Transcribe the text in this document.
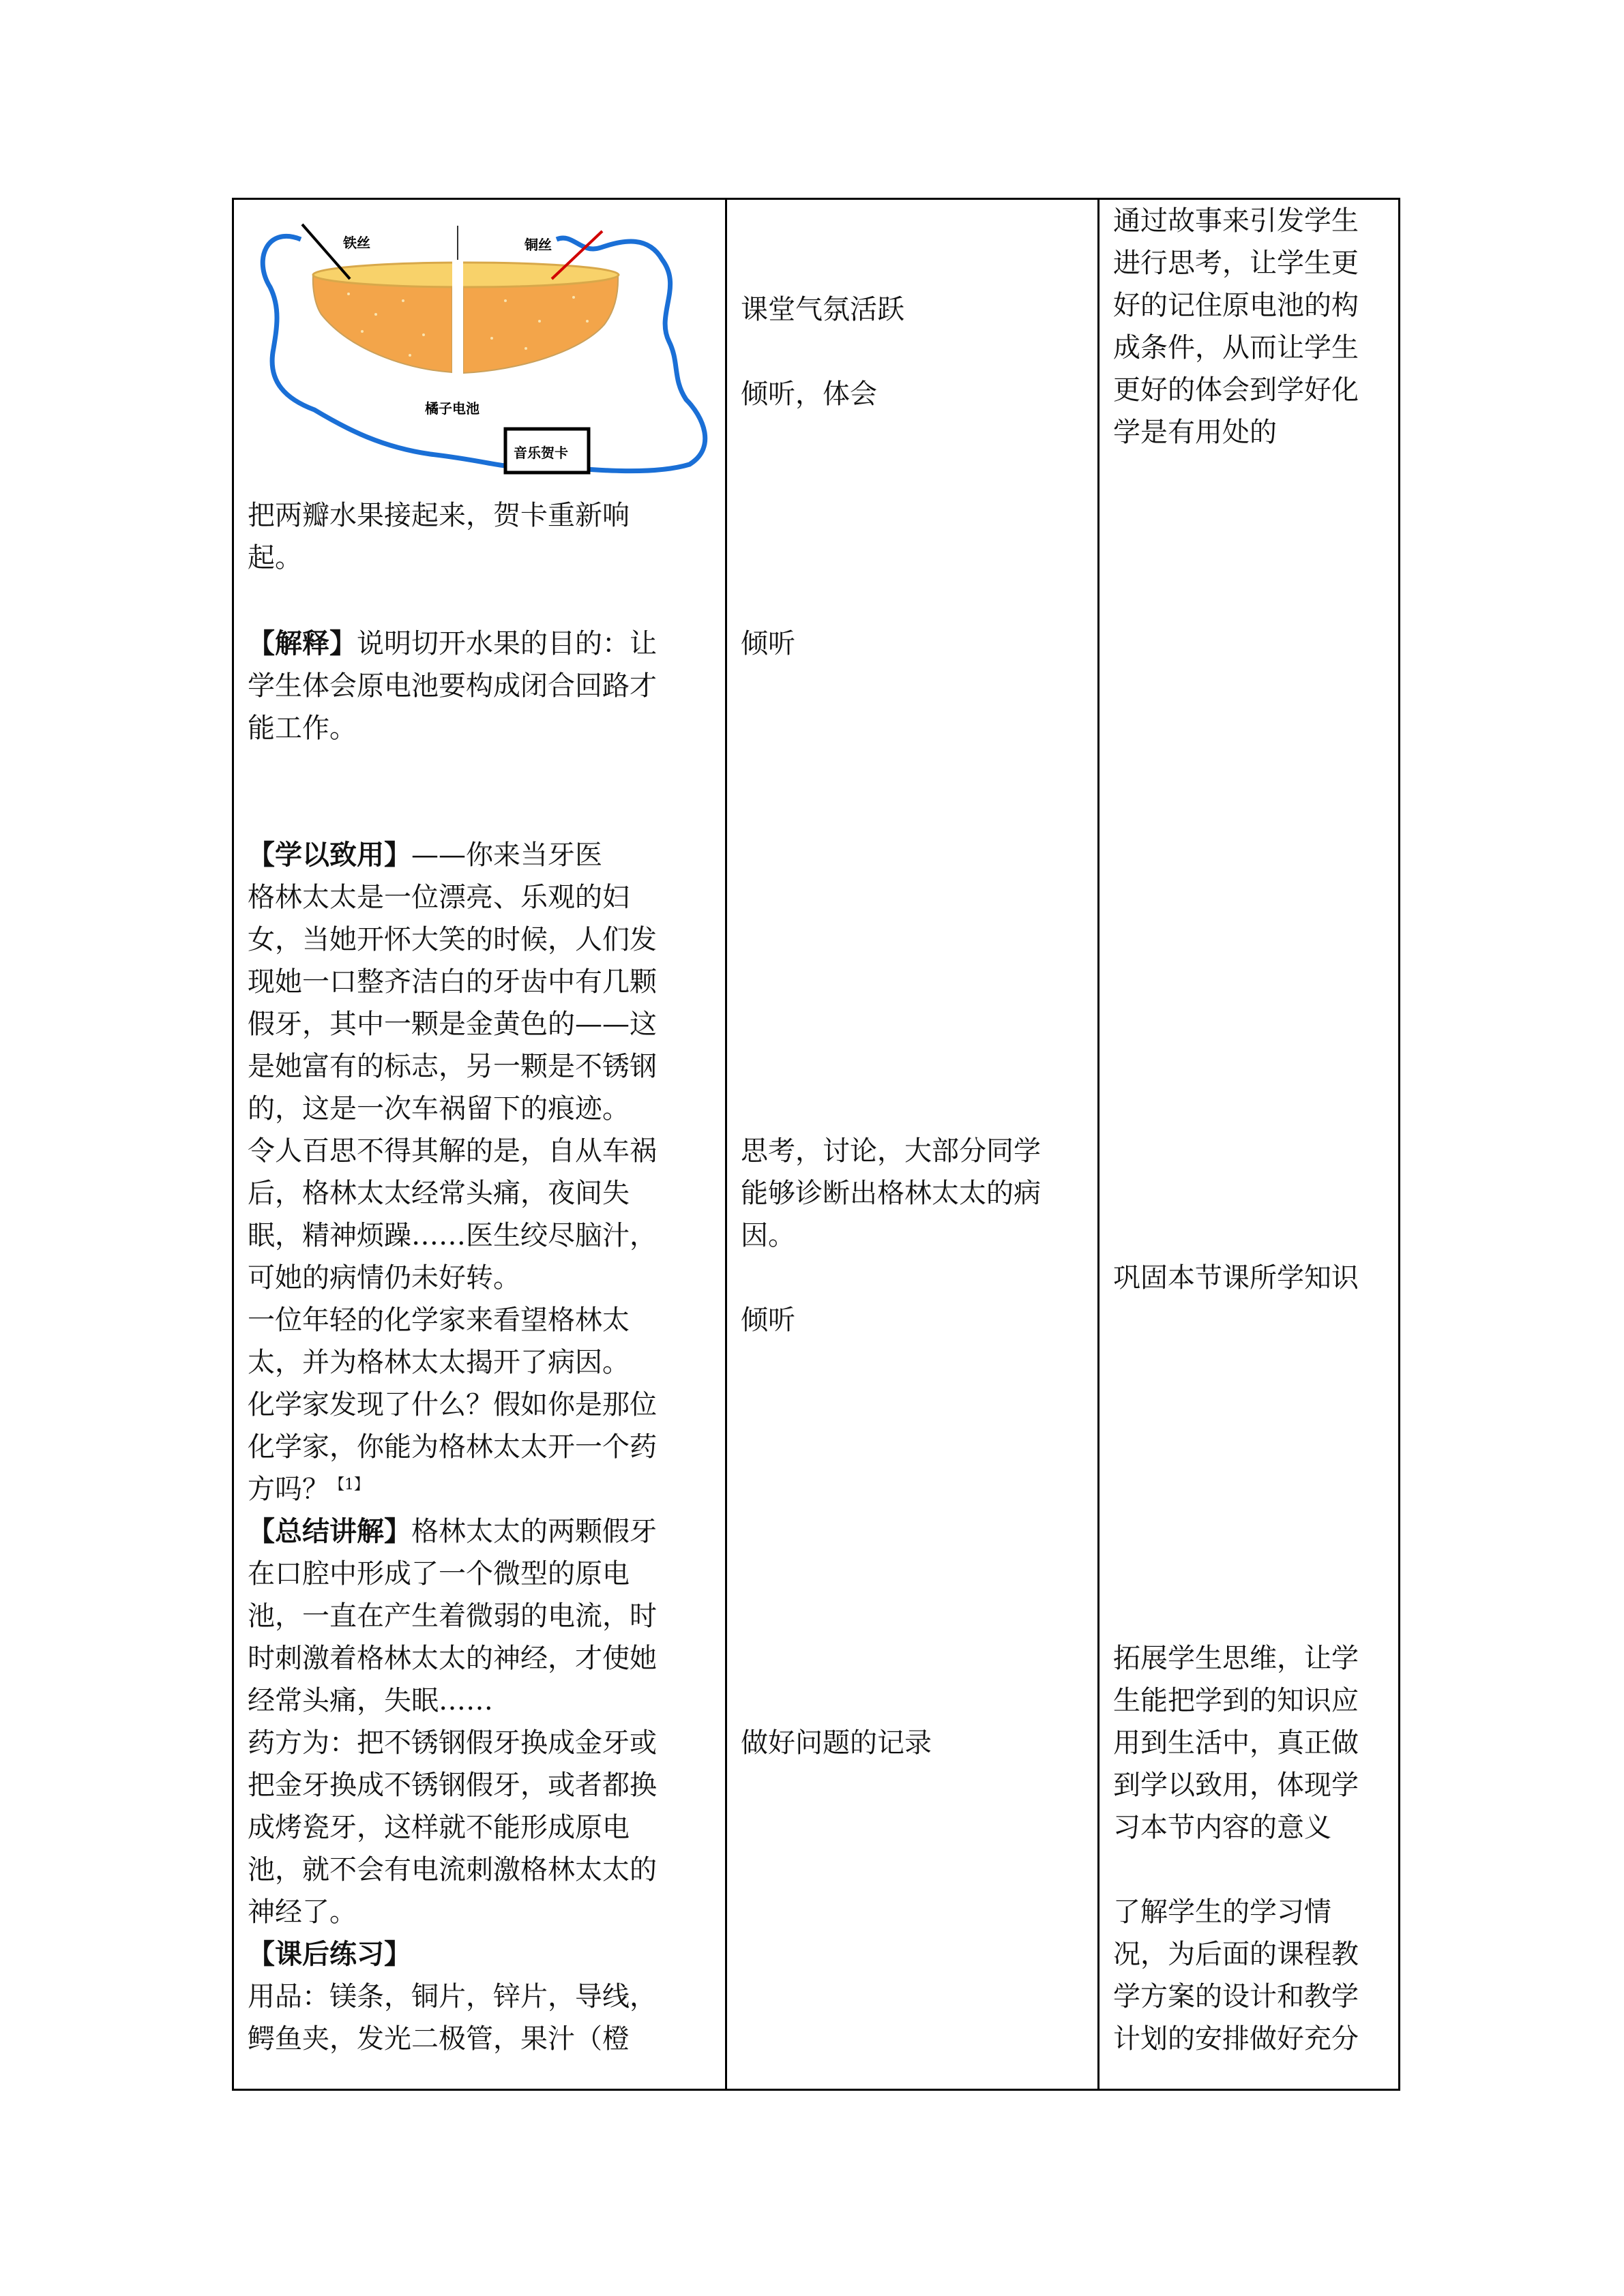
铁丝	铜丝
橘子电池
音乐贺卡
把两瓣水果接起来，贺卡重新响
起。
【解释】说明切开水果的目的：让
学生体会原电池要构成闭合回路才
能工作。
【学以致用】——你来当牙医
格林太太是一位漂亮、乐观的妇
女，当她开怀大笑的时候，人们发
现她一口整齐洁白的牙齿中有几颗
假牙，其中一颗是金黄色的——这
是她富有的标志，另一颗是不锈钢
的，这是一次车祸留下的痕迹。
令人百思不得其解的是，自从车祸
后，格林太太经常头痛，夜间失
眠，精神烦躁……医生绞尽脑汁，
可她的病情仍未好转。
一位年轻的化学家来看望格林太
太，并为格林太太揭开了病因。
化学家发现了什么？假如你是那位
化学家，你能为格林太太开一个药
方吗？$^{【1】}$
【总结讲解】格林太太的两颗假牙
在口腔中形成了一个微型的原电
池，一直在产生着微弱的电流，时
时刺激着格林太太的神经，才使她
经常头痛，失眠……
药方为：把不锈钢假牙换成金牙或
把金牙换成不锈钢假牙，或者都换
成烤瓷牙，这样就不能形成原电
池，就不会有电流刺激格林太太的
神经了。
【课后练习】
用品：镁条，铜片，锌片，导线，
鳄鱼夹，发光二极管，果汁（橙
课堂气氛活跃
倾听，体会
倾听
思考，讨论，大部分同学
能够诊断出格林太太的病
因。
倾听
做好问题的记录
通过故事来引发学生
进行思考，让学生更
好的记住原电池的构
成条件，从而让学生
更好的体会到学好化
学是有用处的
巩固本节课所学知识
拓展学生思维，让学
生能把学到的知识应
用到生活中，真正做
到学以致用，体现学
习本节内容的意义
了解学生的学习情
况，为后面的课程教
学方案的设计和教学
计划的安排做好充分
